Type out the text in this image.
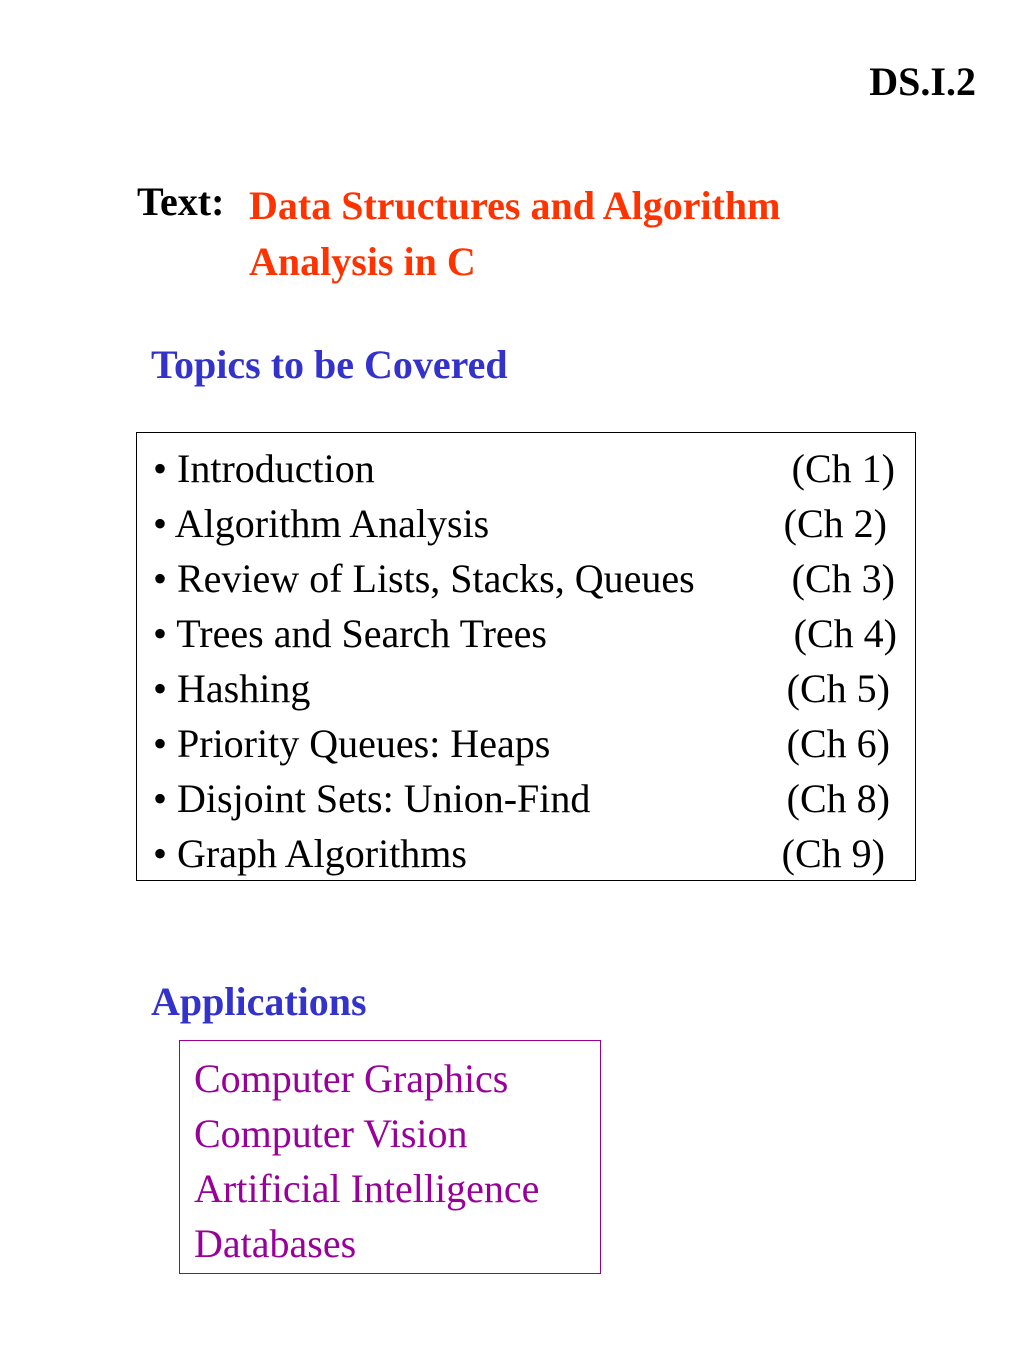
DS.I.2
Text: Data Structures and Algorithm
Analysis in C
Topics to be Covered
• Introduction	(Ch 1)
• Algorithm Analysis	(Ch 2)
• Review of Lists, Stacks, Queues (Ch 3)
• Trees and Search Trees	(Ch 4)
• Hashing	(Ch 5)
• Priority Queues: Heaps	(Ch 6)
• Disjoint Sets: Union-Find	(Ch 8)
• Graph Algorithms	(Ch 9)
Applications
Computer Graphics
Computer Vision
Artificial Intelligence
Databases
